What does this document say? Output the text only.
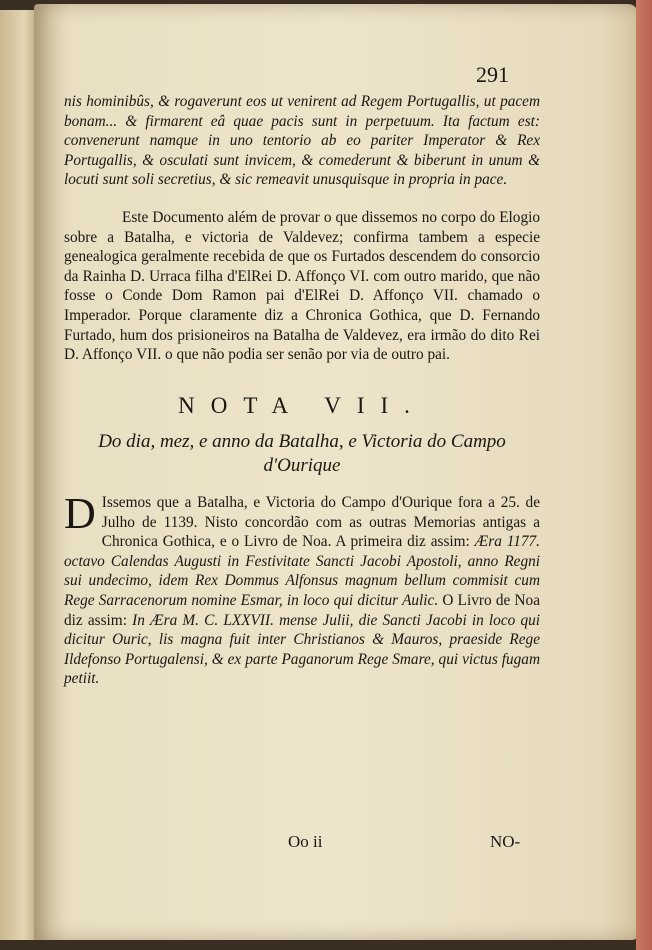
291
nis hominibûs, & rogaverunt eos ut venirent ad Regem Portugallis, ut pacem bonam... & firmarent eâ quae pacis sunt in perpetuum. Ita factum est: convenerunt namque in uno tentorio ab eo pariter Imperator & Rex Portugallis, & osculati sunt invicem, & comederunt & biberunt in unum & locuti sunt soli secretius, & sic remeavit unusquisque in propria in pace.
Este Documento além de provar o que dissemos no corpo do Elogio sobre a Batalha, e victoria de Valdevez; confirma tambem a especie genealogica geralmente recebida de que os Furtados descendem do consorcio da Rainha D. Urraca filha d'ElRei D. Affonço VI. com outro marido, que não fosse o Conde Dom Ramon pai d'ElRei D. Affonço VII. chamado o Imperador. Porque claramente diz a Chronica Gothica, que D. Fernando Furtado, hum dos prisioneiros na Batalha de Valdevez, era irmão do dito Rei D. Affonço VII. o que não podia ser senão por via de outro pai.
NOTA VII.
Do dia, mez, e anno da Batalha, e Victoria do Campo d'Ourique
D Issemos que a Batalha, e Victoria do Campo d'Ourique fora a 25. de Julho de 1139. Nisto concordão com as outras Memorias antigas a Chronica Gothica, e o Livro de Noa. A primeira diz assim: Æra 1177. octavo Calendas Augusti in Festivitate Sancti Jacobi Apostoli, anno Regni sui undecimo, idem Rex Dommus Alfonsus magnum bellum commisit cum Rege Sarracenorum nomine Esmar, in loco qui dicitur Aulic. O Livro de Noa diz assim: In Æra M. C. LXXVII. mense Julii, die Sancti Jacobi in loco qui dicitur Ouric, lis magna fuit inter Christianos & Mauros, praeside Rege Ildefonso Portugalensi, & ex parte Paganorum Rege Smare, qui victus fugam petiit.
Oo ii	NO-
